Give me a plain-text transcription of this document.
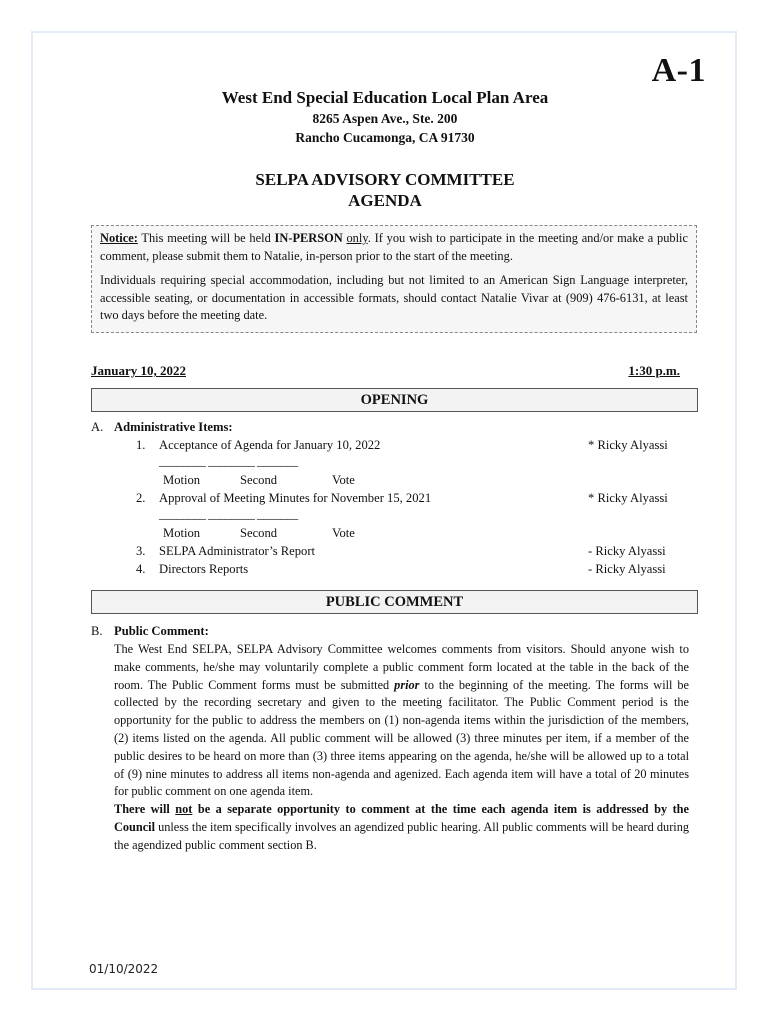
A-1
West End Special Education Local Plan Area
8265 Aspen Ave., Ste. 200
Rancho Cucamonga, CA 91730
SELPA ADVISORY COMMITTEE
AGENDA

Notice: This meeting will be held IN-PERSON only. If you wish to participate in the meeting and/or make a public comment, please submit them to Natalie, in-person prior to the start of the meeting.

Individuals requiring special accommodation, including but not limited to an American Sign Language interpreter, accessible seating, or documentation in accessible formats, should contact Natalie Vivar at (909) 476-6131, at least two days before the meeting date.

January 10, 2022	1:30 p.m.
OPENING
A. Administrative Items:
1. Acceptance of Agenda for January 10, 2022	* Ricky Alyassi
________ ________ _______
Motion	Second	Vote
2. Approval of Meeting Minutes for November 15, 2021	* Ricky Alyassi
________ ________ _______
Motion	Second	Vote
3. SELPA Administrator’s Report	- Ricky Alyassi
4. Directors Reports	- Ricky Alyassi
PUBLIC COMMENT
B. Public Comment:

The West End SELPA, SELPA Advisory Committee welcomes comments from visitors. Should anyone wish to make comments, he/she may voluntarily complete a public comment form located at the table in the back of the room. The Public Comment forms must be submitted prior to the beginning of the meeting. The forms will be collected by the recording secretary and given to the meeting facilitator. The Public Comment period is the opportunity for the public to address the members on (1) non-agenda items within the jurisdiction of the members, (2) items listed on the agenda. All public comment will be allowed (3) three minutes per item, if a member of the public desires to be heard on more than (3) three items appearing on the agenda, he/she will be allowed up to a total of (9) nine minutes to address all items non-agenda and agenized. Each agenda item will have a total of 20 minutes for public comment on one agenda item.

There will not be a separate opportunity to comment at the time each agenda item is addressed by the Council unless the item specifically involves an agendized public hearing. All public comments will be heard during the agendized public comment section B.

01/10/2022
